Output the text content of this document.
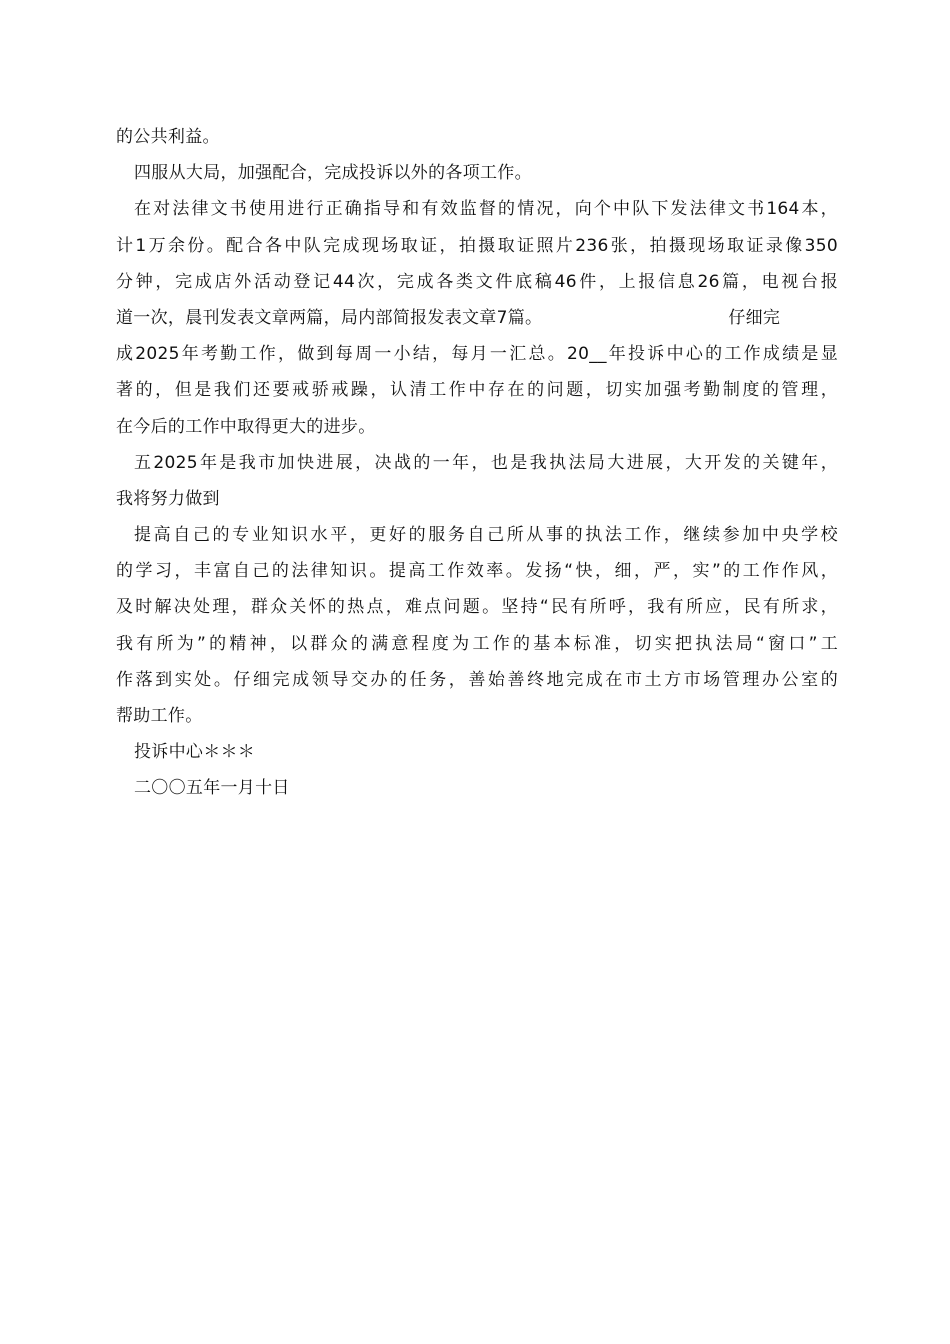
的公共利益。
四服从大局，加强配合，完成投诉以外的各项工作。
在对法律文书使用进行正确指导和有效监督的情况，向个中队下发法律文书164本，
计1万余份。配合各中队完成现场取证，拍摄取证照片236张，拍摄现场取证录像350
分钟，完成店外活动登记44次，完成各类文件底稿46件，上报信息26篇，电视台报
道一次，晨刊发表文章两篇，局内部简报发表文章7篇。	仔细完
成2025年考勤工作，做到每周一小结，每月一汇总。20__年投诉中心的工作成绩是显
著的，但是我们还要戒骄戒躁，认清工作中存在的问题，切实加强考勤制度的管理，
在今后的工作中取得更大的进步。
五2025年是我市加快进展，决战的一年，也是我执法局大进展，大开发的关键年，
我将努力做到
提高自己的专业知识水平，更好的服务自己所从事的执法工作，继续参加中央学校
的学习，丰富自己的法律知识。提高工作效率。发扬“快，细，严，实”的工作作风，
及时解决处理，群众关怀的热点，难点问题。坚持“民有所呼，我有所应，民有所求，
我有所为”的精神，以群众的满意程度为工作的基本标准，切实把执法局“窗口”工
作落到实处。仔细完成领导交办的任务，善始善终地完成在市土方市场管理办公室的
帮助工作。
投诉中心＊＊＊
二〇〇五年一月十日
